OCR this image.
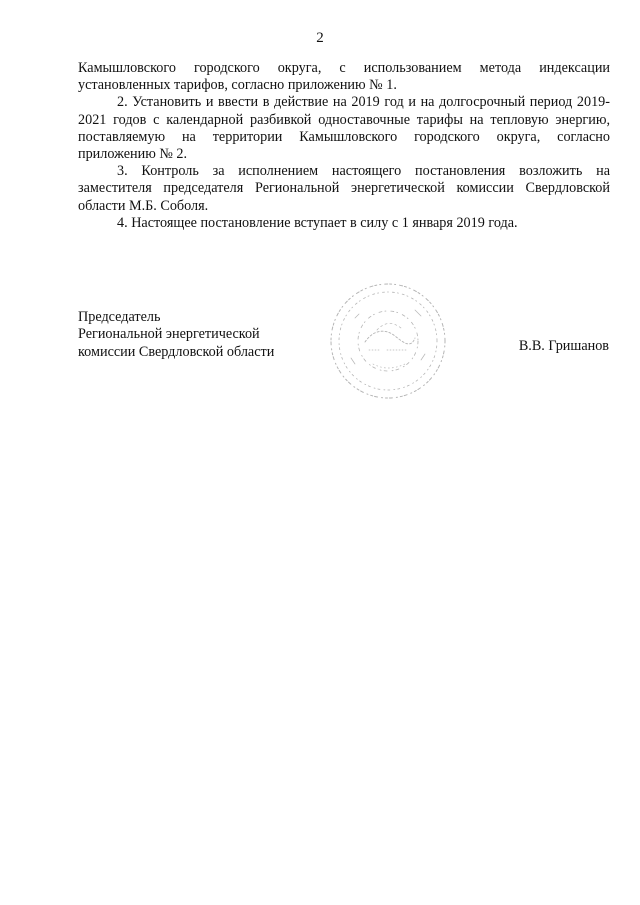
2

Камышловского городского округа, с использованием метода индексации установленных тарифов, согласно приложению № 1.

2. Установить и ввести в действие на 2019 год и на долгосрочный период 2019-2021 годов с календарной разбивкой одноставочные тарифы на тепловую энергию, поставляемую на территории Камышловского городского округа, согласно приложению № 2.

3. Контроль за исполнением настоящего постановления возложить на заместителя председателя Региональной энергетической комиссии Свердловской области М.Б. Соболя.

4. Настоящее постановление вступает в силу с 1 января 2019 года.

Председатель
Региональной энергетической
комиссии Свердловской области	В.В. Гришанов
